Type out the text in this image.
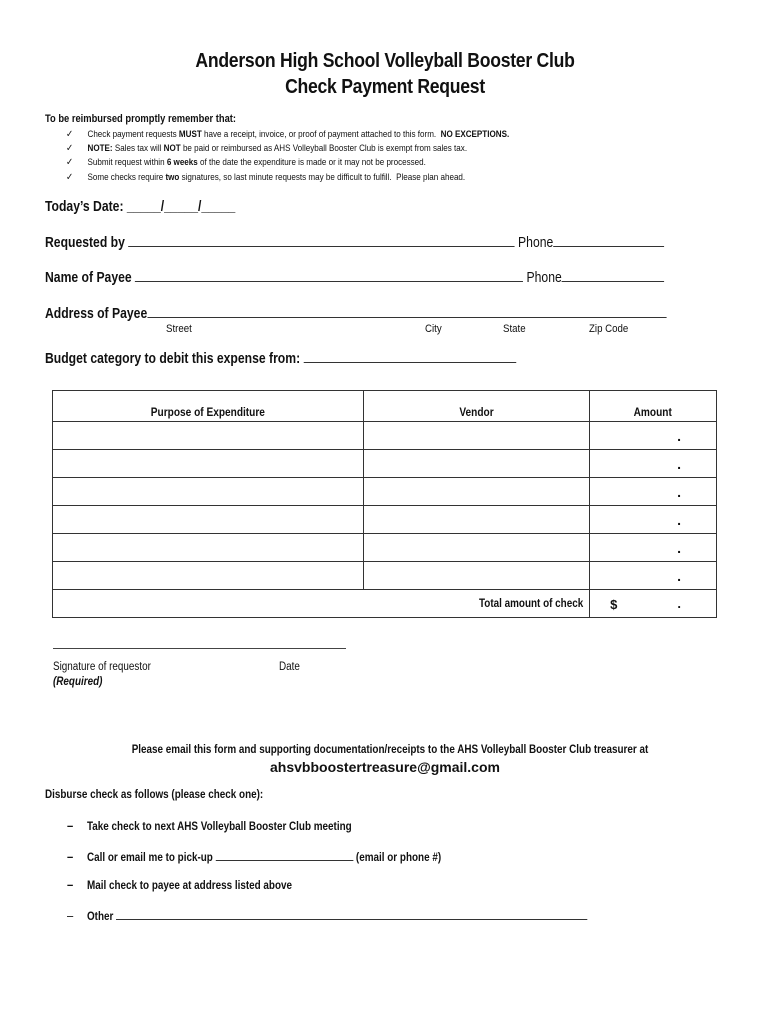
Anderson High School Volleyball Booster Club
Check Payment Request
To be reimbursed promptly remember that:
✓ Check payment requests MUST have a receipt, invoice, or proof of payment attached to this form.  NO EXCEPTIONS.
✓ NOTE: Sales tax will NOT be paid or reimbursed as AHS Volleyball Booster Club is exempt from sales tax.
✓ Submit request within 6 weeks of the date the expenditure is made or it may not be processed.
✓ Some checks require two signatures, so last minute requests may be difficult to fulfill.  Please plan ahead.
Today’s Date: _____/_____/_____
Requested by	Phone
Name of Payee	Phone
Address of Payee
Street	City	State	Zip Code
Budget category to debit this expense from:
Purpose of Expenditure	Vendor	Amount
		.
		.
		.
		.
		.
		.
Total amount of check		$ .
Signature of requestor	Date
(Required)
Please email this form and supporting documentation/receipts to the AHS Volleyball Booster Club treasurer at
ahsvbboostertreasure@gmail.com
Disburse check as follows (please check one):
– Take check to next AHS Volleyball Booster Club meeting
– Call or email me to pick-up	(email or phone #)
– Mail check to payee at address listed above
– Other
